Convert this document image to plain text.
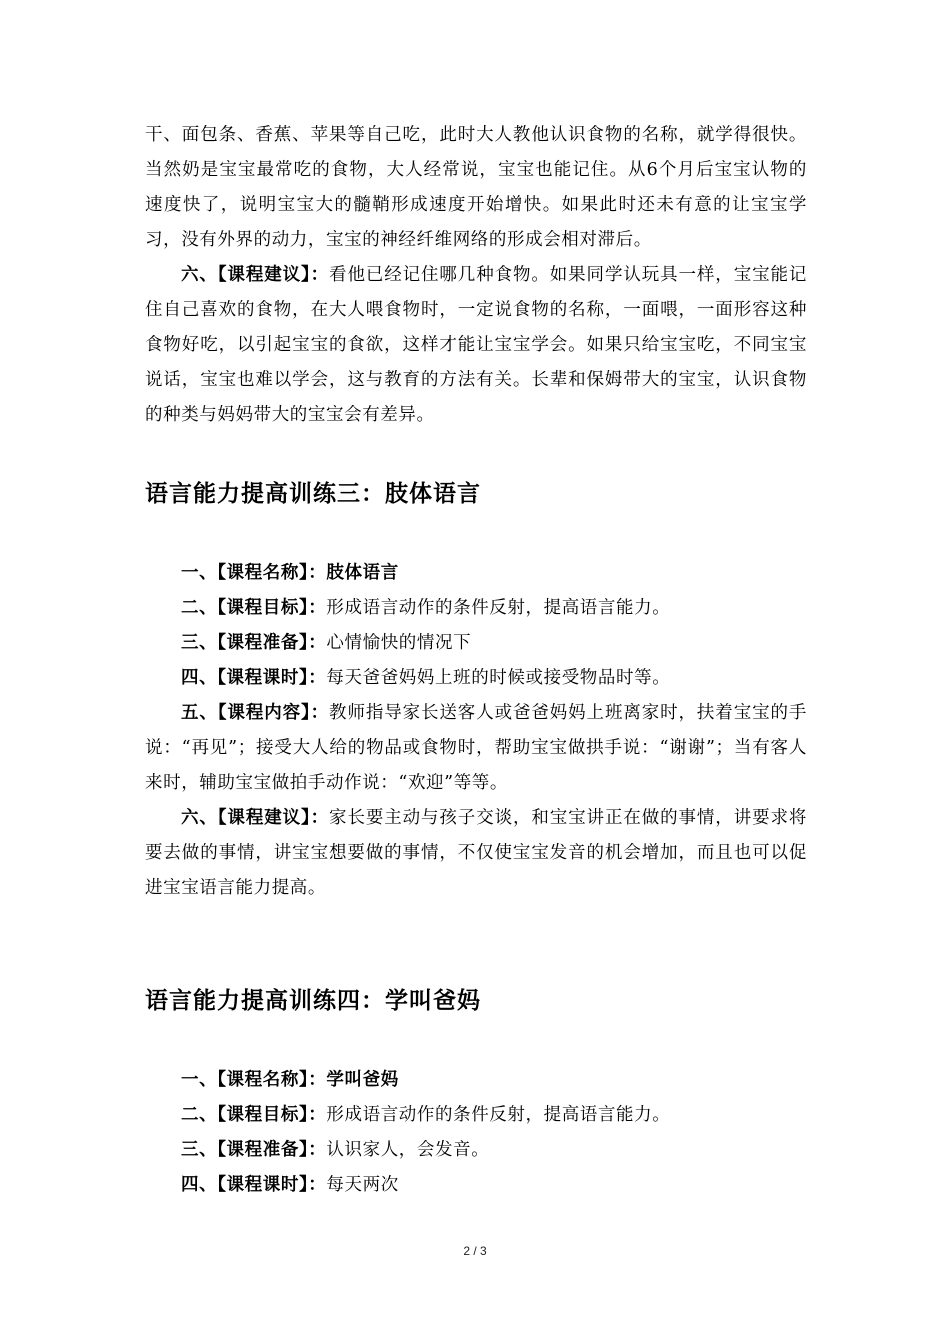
干、面包条、香蕉、苹果等自己吃，此时大人教他认识食物的名称，就学得很快。当然奶是宝宝最常吃的食物，大人经常说，宝宝也能记住。从6个月后宝宝认物的速度快了，说明宝宝大的髓鞘形成速度开始增快。如果此时还未有意的让宝宝学习，没有外界的动力，宝宝的神经纤维网络的形成会相对滞后。

六、【课程建议】：看他已经记住哪几种食物。如果同学认玩具一样，宝宝能记住自己喜欢的食物，在大人喂食物时，一定说食物的名称，一面喂，一面形容这种食物好吃，以引起宝宝的食欲，这样才能让宝宝学会。如果只给宝宝吃，不同宝宝说话，宝宝也难以学会，这与教育的方法有关。长辈和保姆带大的宝宝，认识食物的种类与妈妈带大的宝宝会有差异。

语言能力提高训练三：肢体语言

一、【课程名称】：肢体语言

二、【课程目标】：形成语言动作的条件反射，提高语言能力。

三、【课程准备】：心情愉快的情况下

四、【课程课时】：每天爸爸妈妈上班的时候或接受物品时等。

五、【课程内容】：教师指导家长送客人或爸爸妈妈上班离家时，扶着宝宝的手说：“再见”；接受大人给的物品或食物时，帮助宝宝做拱手说：“谢谢”；当有客人来时，辅助宝宝做拍手动作说：“欢迎”等等。

六、【课程建议】：家长要主动与孩子交谈，和宝宝讲正在做的事情，讲要求将要去做的事情，讲宝宝想要做的事情，不仅使宝宝发音的机会增加，而且也可以促进宝宝语言能力提高。

语言能力提高训练四：学叫爸妈

一、【课程名称】：学叫爸妈

二、【课程目标】：形成语言动作的条件反射，提高语言能力。

三、【课程准备】：认识家人，会发音。

四、【课程课时】：每天两次

2 / 3
